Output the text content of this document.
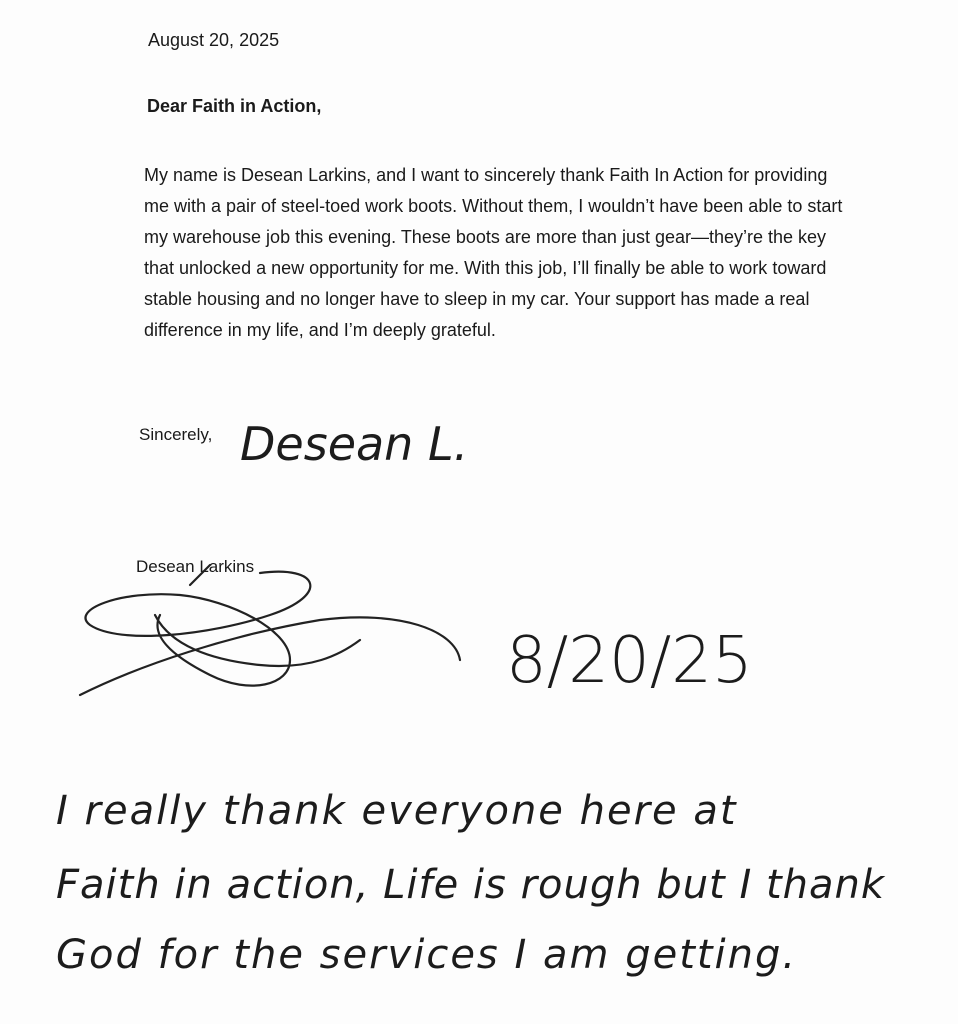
August 20, 2025
Dear Faith in Action,

My name is Desean Larkins, and I want to sincerely thank Faith In Action for providing me with a pair of steel-toed work boots. Without them, I wouldn’t have been able to start my warehouse job this evening. These boots are more than just gear—they’re the key that unlocked a new opportunity for me. With this job, I’ll finally be able to work toward stable housing and no longer have to sleep in my car. Your support has made a real difference in my life, and I’m deeply grateful.

Sincerely, Desean L.
Desean Larkins
8/20/25
I really thank everyone here at
Faith in action, Life is rough but I thank
God for the services I am getting.
